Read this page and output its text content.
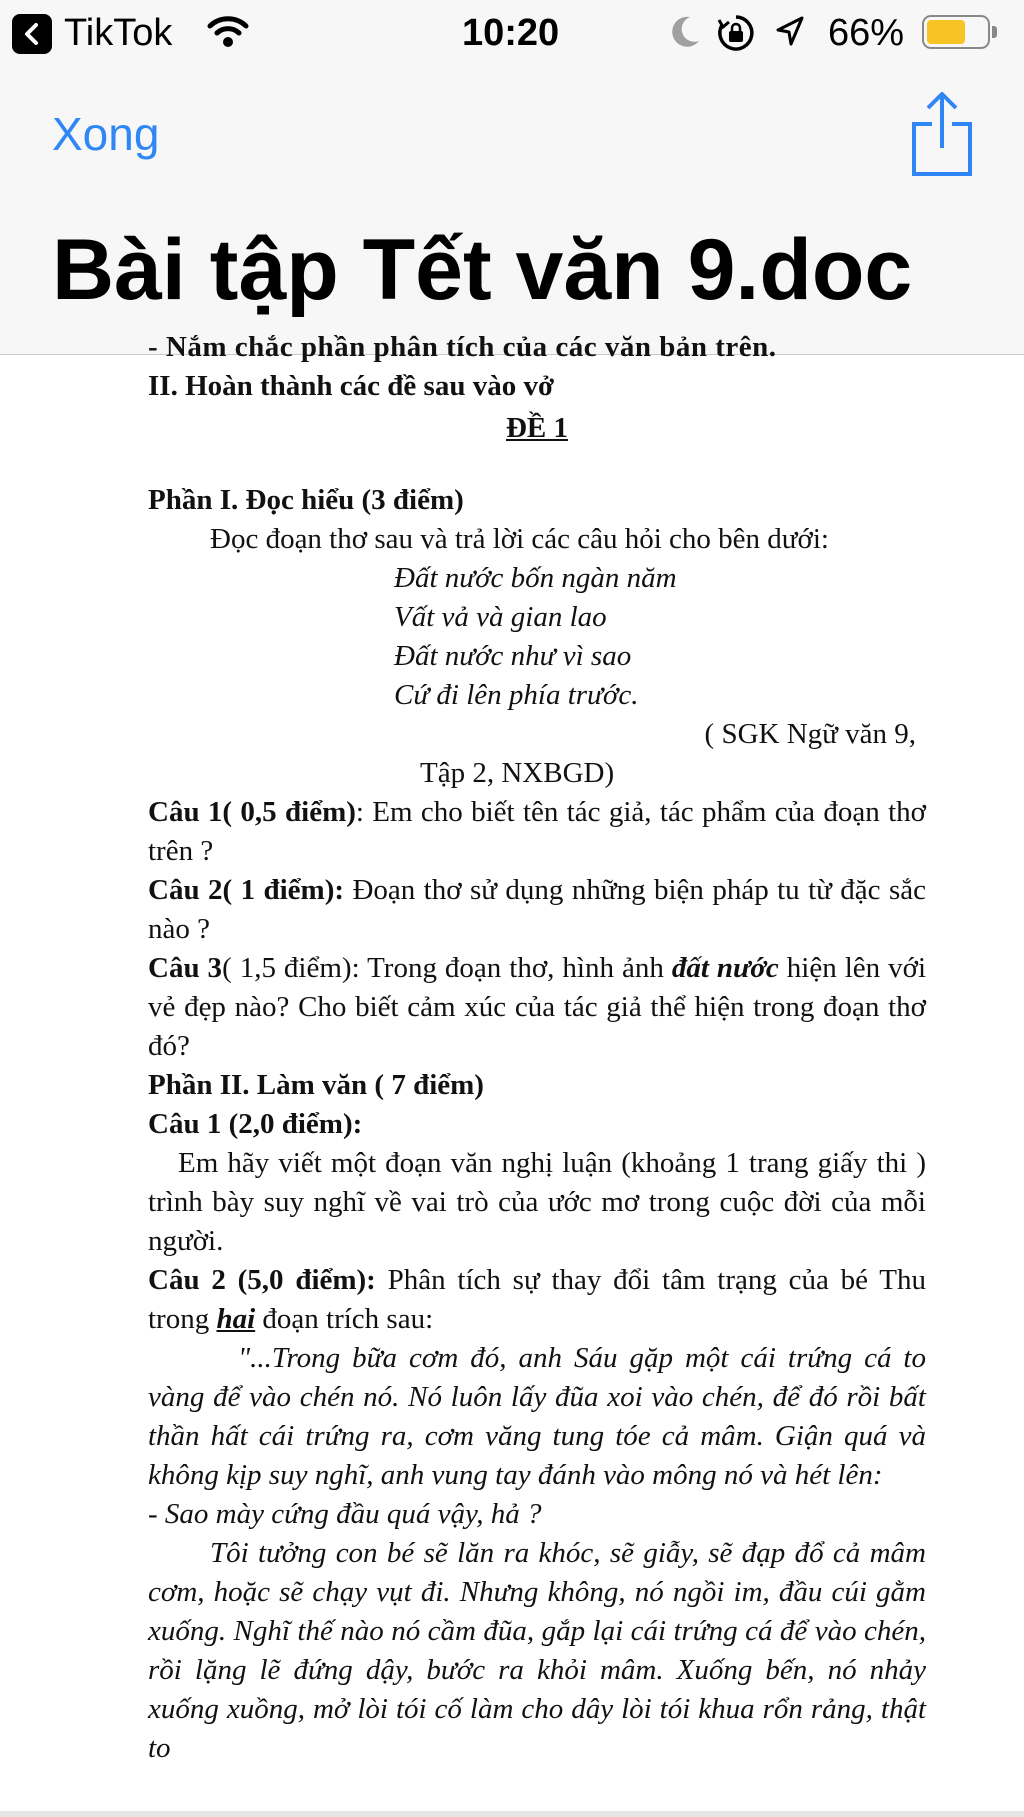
TikTok	10:20	66%
Xong
Bài tập Tết văn 9.doc

- Nắm chắc phần phân tích của các văn bản trên.

II. Hoàn thành các đề sau vào vở

ĐỀ 1

Phần I. Đọc hiểu (3 điểm)

Đọc đoạn thơ sau và trả lời các câu hỏi cho bên dưới:

Đất nước bốn ngàn năm

Vất vả và gian lao

Đất nước như vì sao

Cứ đi lên phía trước.

( SGK Ngữ văn 9,

Tập 2, NXBGD)

Câu 1( 0,5 điểm): Em cho biết tên tác giả, tác phẩm của đoạn thơ trên ?

Câu 2( 1 điểm): Đoạn thơ sử dụng những biện pháp tu từ đặc sắc nào ?

Câu 3( 1,5 điểm): Trong đoạn thơ, hình ảnh đất nước hiện lên với vẻ đẹp nào? Cho biết cảm xúc của tác giả thể hiện trong đoạn thơ đó?

Phần II. Làm văn ( 7 điểm)

Câu 1 (2,0 điểm):

Em hãy viết một đoạn văn nghị luận (khoảng 1 trang giấy thi ) trình bày suy nghĩ về vai trò của ước mơ trong cuộc đời của mỗi người.

Câu 2 (5,0 điểm): Phân tích sự thay đổi tâm trạng của bé Thu trong hai đoạn trích sau:

"...Trong bữa cơm đó, anh Sáu gặp một cái trứng cá to vàng để vào chén nó. Nó luôn lấy đũa xoi vào chén, để đó rồi bất thần hất cái trứng ra, cơm văng tung tóe cả mâm. Giận quá và không kịp suy nghĩ, anh vung tay đánh vào mông nó và hét lên:

- Sao mày cứng đầu quá vậy, hả ?

Tôi tưởng con bé sẽ lăn ra khóc, sẽ giẫy, sẽ đạp đổ cả mâm cơm, hoặc sẽ chạy vụt đi. Nhưng không, nó ngồi im, đầu cúi gằm xuống. Nghĩ thế nào nó cầm đũa, gắp lại cái trứng cá để vào chén, rồi lặng lẽ đứng dậy, bước ra khỏi mâm. Xuống bến, nó nhảy xuống xuồng, mở lòi tói cố làm cho dây lòi tói khua rổn rảng, thật to
